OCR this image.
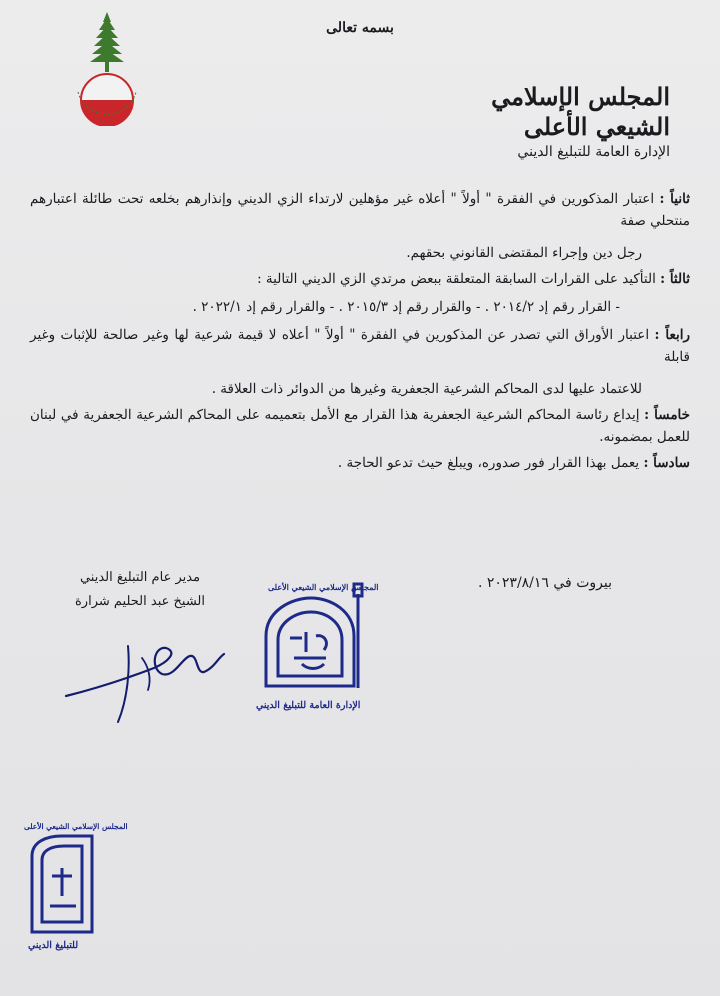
بسمه تعالى
المجلس الإسلامي الشيعي الأعلى
الإدارة العامة للتبليغ الديني

ثانياً : اعتبار المذكورين في الفقرة " أولاً " أعلاه غير مؤهلين لارتداء الزي الديني وإنذارهم بخلعه تحت طائلة اعتبارهم منتحلي صفة
رجل دين وإجراء المقتضى القانوني بحقهم.

ثالثاً : التأكيد على القرارات السابقة المتعلقة ببعض مرتدي الزي الديني التالية :

- القرار رقم إد ٢٠١٤/٢ . - والقرار رقم إد ٢٠١٥/٣ . - والقرار رقم إد ٢٠٢٢/١ .

رابعاً : اعتبار الأوراق التي تصدر عن المذكورين في الفقرة " أولاً " أعلاه لا قيمة شرعية لها وغير صالحة للإثبات وغير قابلة
للاعتماد عليها لدى المحاكم الشرعية الجعفرية وغيرها من الدوائر ذات العلاقة .

خامساً : إيداع رئاسة المحاكم الشرعية الجعفرية هذا القرار مع الأمل بتعميمه على المحاكم الشرعية الجعفرية في لبنان للعمل بمضمونه.

سادساً : يعمل بهذا القرار فور صدوره، ويبلغ حيث تدعو الحاجة .

بيروت في ٢٠٢٣/٨/١٦ .
مدير عام التبليغ الديني
الشيخ عبد الحليم شرارة
المجلس الإسلامي الشيعي الأعلى
الإدارة العامة للتبليغ الديني
المجلس الإسلامي الشيعي الأعلى
للتبليغ الديني
